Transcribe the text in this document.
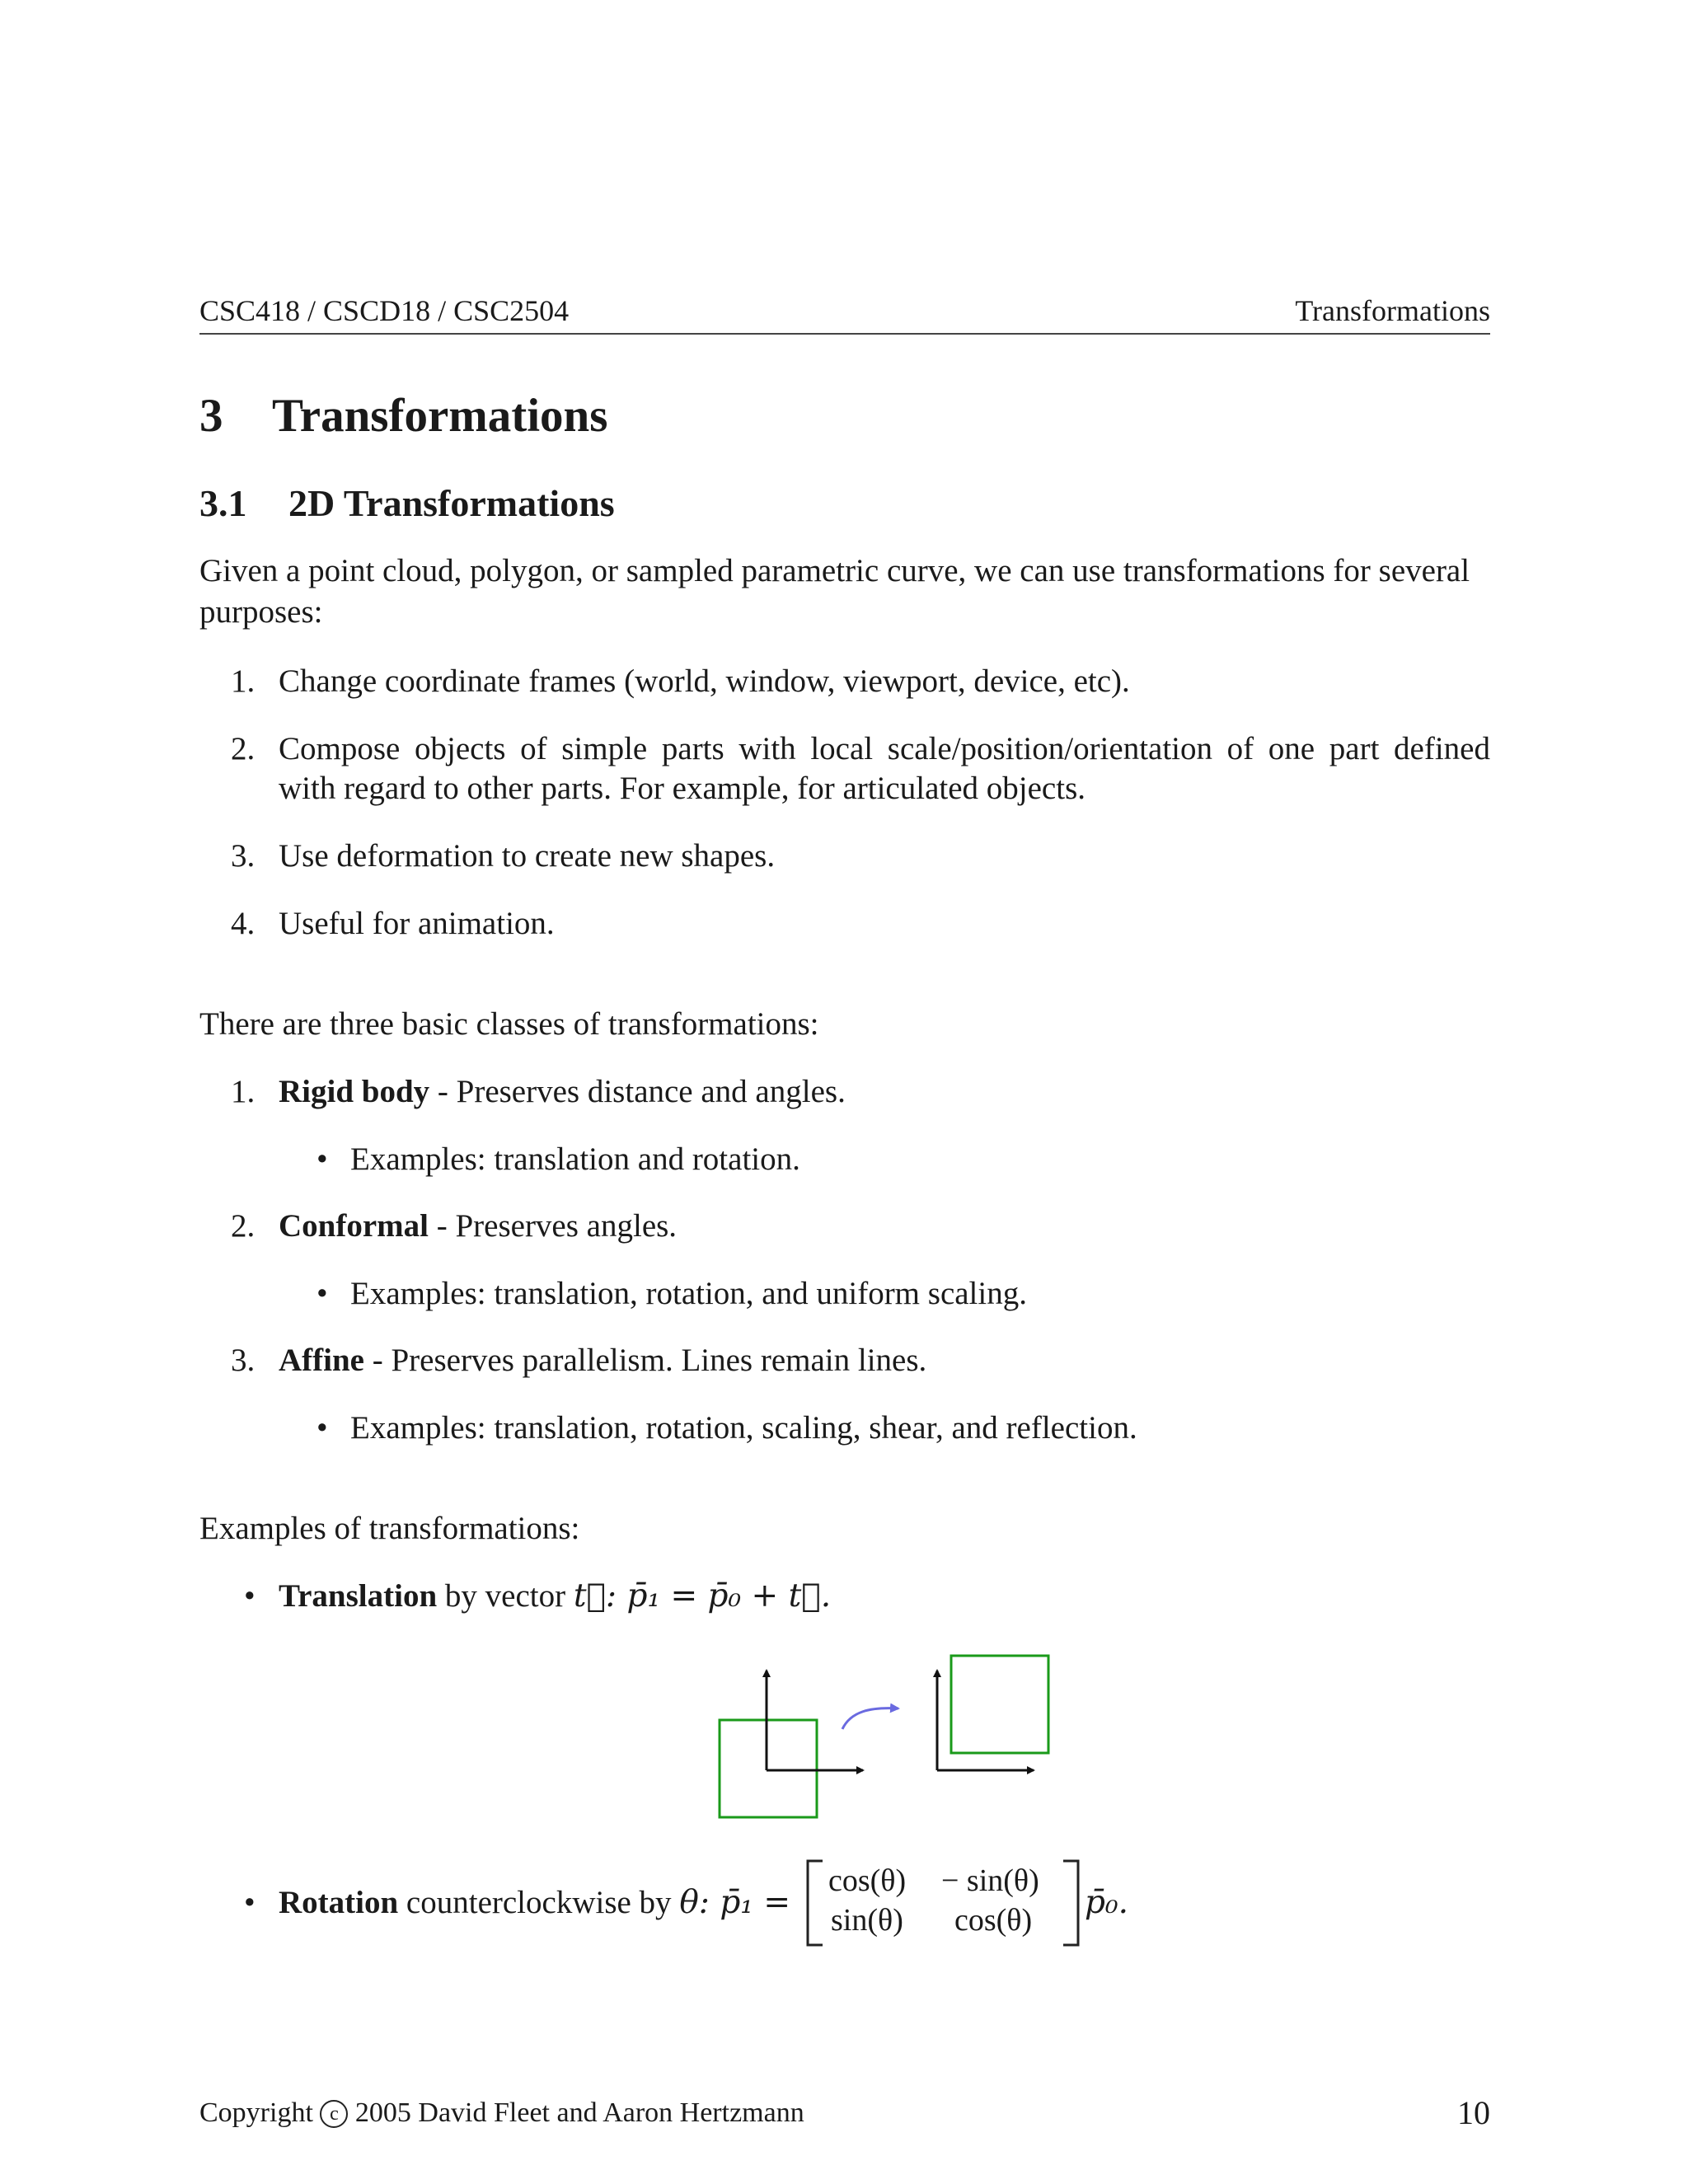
CSC418 / CSCD18 / CSC2504	Transformations
3 Transformations
3.1 2D Transformations
Given a point cloud, polygon, or sampled parametric curve, we can use transformations for several
purposes:
1. Change coordinate frames (world, window, viewport, device, etc).
2. Compose objects of simple parts with local scale/position/orientation of one part defined
with regard to other parts. For example, for articulated objects.
3. Use deformation to create new shapes.
4. Useful for animation.
There are three basic classes of transformations:
1. Rigid body - Preserves distance and angles.
• Examples: translation and rotation.
2. Conformal - Preserves angles.
• Examples: translation, rotation, and uniform scaling.
3. Affine - Preserves parallelism. Lines remain lines.
• Examples: translation, rotation, scaling, shear, and reflection.
Examples of transformations:
• Translation by vector t⃗: p̄₁ = p̄₀ + t⃗.
• Rotation counterclockwise by θ: p̄₁ =
cos(θ) − sin(θ)
sin(θ) cos(θ) p̄₀.
Copyright c 2005 David Fleet and Aaron Hertzmann	10
